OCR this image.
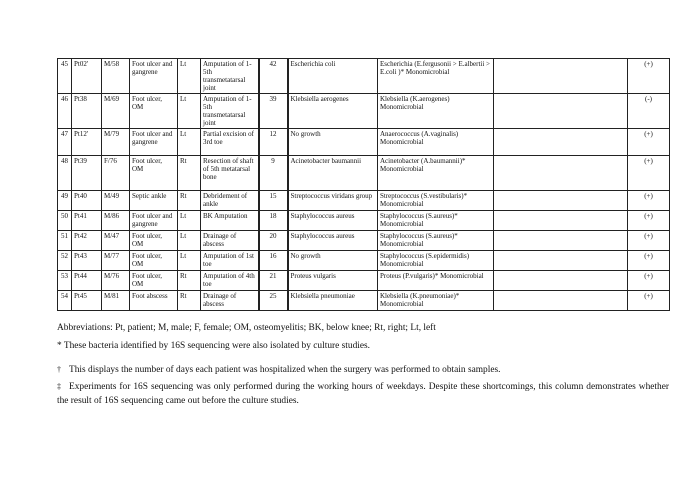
45	Pt02'	M/58	Foot ulcer and gangrene	Lt	Amputation of 1-5th transmetatarsal joint	42	Escherichia coli	Escherichia (E.fergusonii > E.albertii > E.coli )* Monomicrobial		(+)
46	Pt38	M/69	Foot ulcer, OM	Lt	Amputation of 1-5th transmetatarsal joint	39	Klebsiella aerogenes	Klebsiella (K.aerogenes) Monomicrobial		(-)
47	Pt12'	M/79	Foot ulcer and gangrene	Lt	Partial excision of 3rd toe	12	No growth	Anaerococcus (A.vaginalis) Monomicrobial		(+)
48	Pt39	F/76	Foot ulcer, OM	Rt	Resection of shaft of 5th metatarsal bone	9	Acinetobacter baumannii	Acinetobacter (A.baumannii)* Monomicrobial		(+)
49	Pt40	M/49	Septic ankle	Rt	Debridement of ankle	15	Streptococcus viridans group	Streptococcus (S.vestibularis)* Monomicrobial		(+)
50	Pt41	M/86	Foot ulcer and gangrene	Lt	BK Amputation	18	Staphylococcus aureus	Staphylococcus (S.aureus)* Monomicrobial		(+)
51	Pt42	M/47	Foot ulcer, OM	Lt	Drainage of abscess	20	Staphylococcus aureus	Staphylococcus (S.aureus)* Monomicrobial		(+)
52	Pt43	M/77	Foot ulcer, OM	Lt	Amputation of 1st toe	16	No growth	Staphylococcus (S.epidermidis) Monomicrobial		(+)
53	Pt44	M/76	Foot ulcer, OM	Rt	Amputation of 4th toe	21	Proteus vulgaris	Proteus (P.vulgaris)* Monomicrobial		(+)
54	Pt45	M/81	Foot abscess	Rt	Drainage of abscess	25	Klebsiella pneumoniae	Klebsiella (K.pneumoniae)* Monomicrobial		(+)
Abbreviations: Pt, patient; M, male; F, female; OM, osteomyelitis; BK, below knee; Rt, right; Lt, left
* These bacteria identified by 16S sequencing were also isolated by culture studies.
† This displays the number of days each patient was hospitalized when the surgery was performed to obtain samples.
‡ Experiments for 16S sequencing was only performed during the working hours of weekdays. Despite these shortcomings, this column demonstrates whether the result of 16S sequencing came out before the culture studies.
